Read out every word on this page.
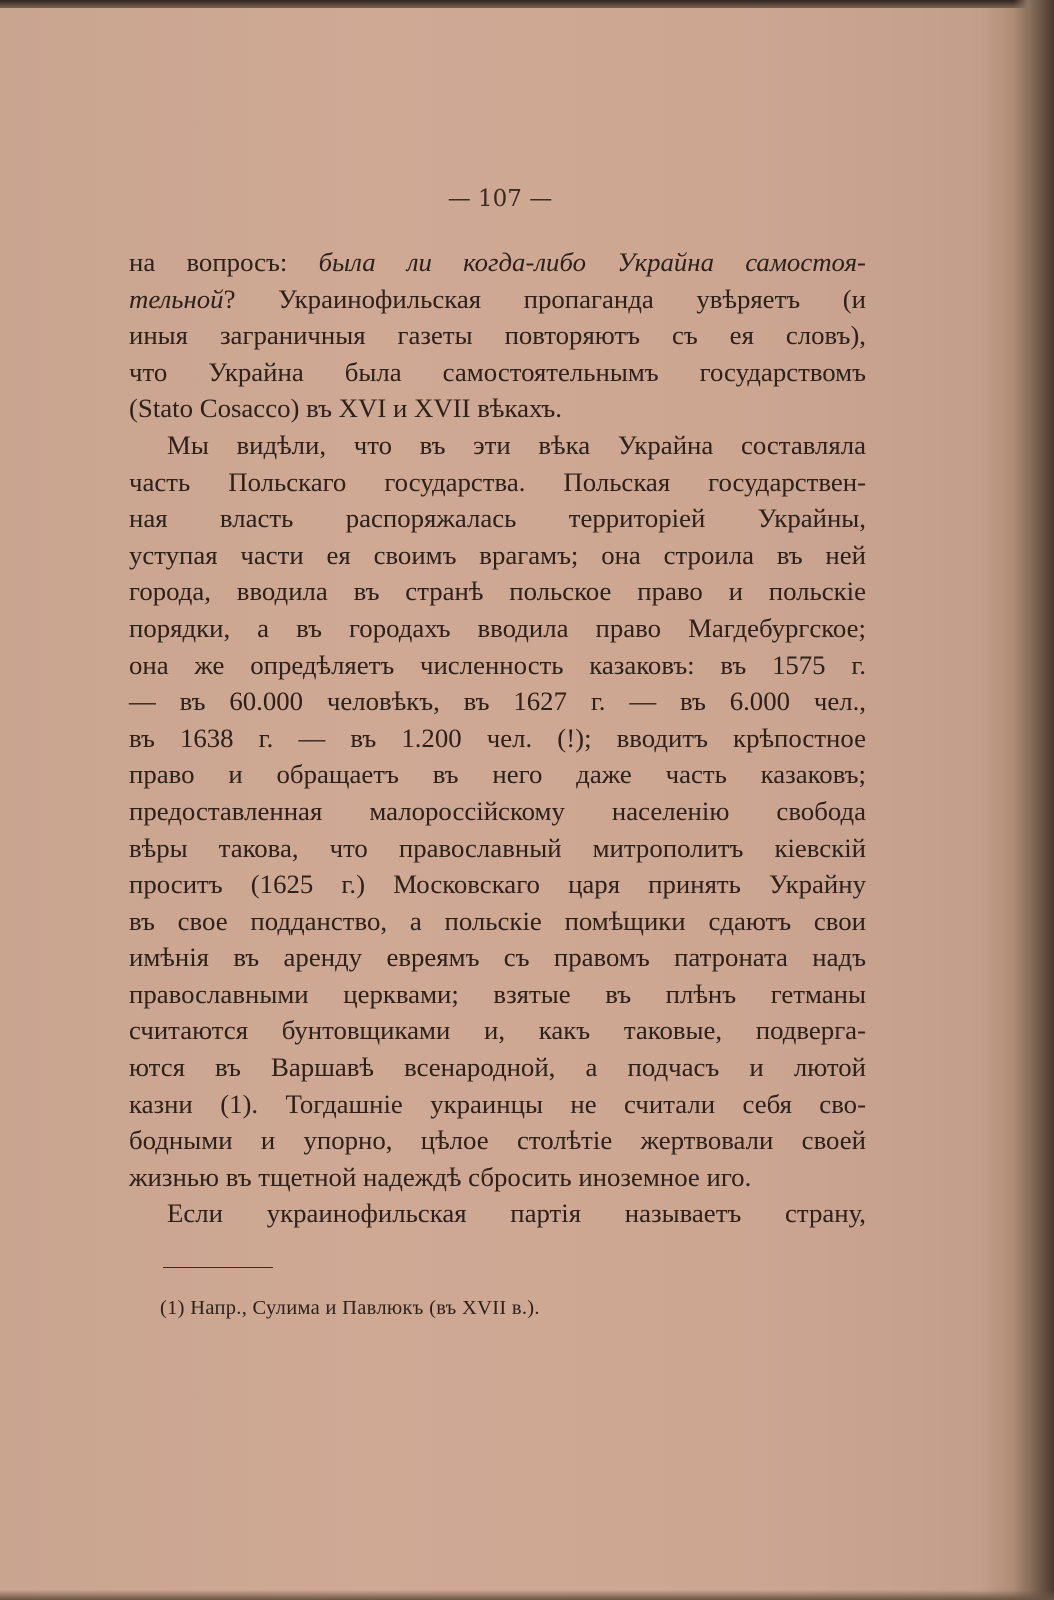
— 107 —
на вопросъ: была ли когда-либо Украйна самостоя-
тельной? Украинофильская пропаганда увѣряетъ (и
иныя заграничныя газеты повторяютъ съ ея словъ),
что Украйна была самостоятельнымъ государствомъ
(Stato Cosacco) въ XVI и XVII вѣкахъ.
Мы видѣли, что въ эти вѣка Украйна составляла
часть Польскаго государства. Польская государствен-
ная власть распоряжалась территоріей Украйны,
уступая части ея своимъ врагамъ; она строила въ ней
города, вводила въ странѣ польское право и польскіе
порядки, а въ городахъ вводила право Магдебургское;
она же опредѣляетъ численность казаковъ: въ 1575 г.
— въ 60.000 человѣкъ, въ 1627 г. — въ 6.000 чел.,
въ 1638 г. — въ 1.200 чел. (!); вводитъ крѣпостное
право и обращаетъ въ него даже часть казаковъ;
предоставленная малороссійскому населенію свобода
вѣры такова, что православный митрополитъ кіевскій
проситъ (1625 г.) Московскаго царя принять Украйну
въ свое подданство, а польскіе помѣщики сдаютъ свои
имѣнія въ аренду евреямъ съ правомъ патроната надъ
православными церквами; взятые въ плѣнъ гетманы
считаются бунтовщиками и, какъ таковые, подверга-
ются въ Варшавѣ всенародной, а подчасъ и лютой
казни (1). Тогдашніе украинцы не считали себя сво-
бодными и упорно, цѣлое столѣтіе жертвовали своей
жизнью въ тщетной надеждѣ сбросить иноземное иго.
Если украинофильская партія называетъ страну,
(1) Напр., Сулима и Павлюкъ (въ XVII в.).
